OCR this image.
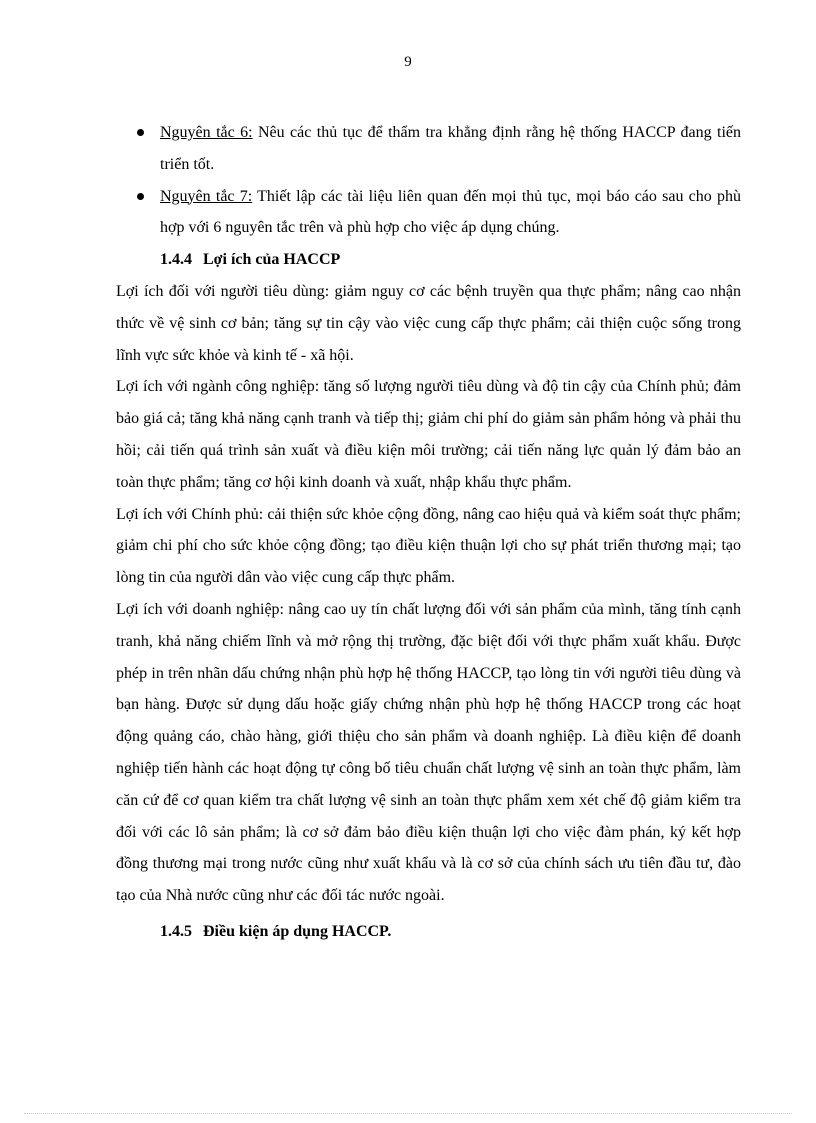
9
Nguyên tắc 6: Nêu các thủ tục để thẩm tra khẳng định rằng hệ thống HACCP đang tiến triển tốt.
Nguyên tắc 7: Thiết lập các tài liệu liên quan đến mọi thủ tục, mọi báo cáo sau cho phù hợp với 6 nguyên tắc trên và phù hợp cho việc áp dụng chúng.
1.4.4 Lợi ích của HACCP

Lợi ích đối với người tiêu dùng: giảm nguy cơ các bệnh truyền qua thực phẩm; nâng cao nhận thức về vệ sinh cơ bản; tăng sự tin cậy vào việc cung cấp thực phẩm; cải thiện cuộc sống trong lĩnh vực sức khỏe và kinh tế - xã hội.

Lợi ích với ngành công nghiệp: tăng số lượng người tiêu dùng và độ tin cậy của Chính phủ; đảm bảo giá cả; tăng khả năng cạnh tranh và tiếp thị; giảm chi phí do giảm sản phẩm hỏng và phải thu hồi; cải tiến quá trình sản xuất và điều kiện môi trường; cải tiến năng lực quản lý đảm bảo an toàn thực phẩm; tăng cơ hội kinh doanh và xuất, nhập khẩu thực phẩm.

Lợi ích với Chính phủ: cải thiện sức khỏe cộng đồng, nâng cao hiệu quả và kiểm soát thực phẩm; giảm chi phí cho sức khỏe cộng đồng; tạo điều kiện thuận lợi cho sự phát triển thương mại; tạo lòng tin của người dân vào việc cung cấp thực phẩm.

Lợi ích với doanh nghiệp: nâng cao uy tín chất lượng đối với sản phẩm của mình, tăng tính cạnh tranh, khả năng chiếm lĩnh và mở rộng thị trường, đặc biệt đối với thực phẩm xuất khẩu. Được phép in trên nhãn dấu chứng nhận phù hợp hệ thống HACCP, tạo lòng tin với người tiêu dùng và bạn hàng. Được sử dụng dấu hoặc giấy chứng nhận phù hợp hệ thống HACCP trong các hoạt động quảng cáo, chào hàng, giới thiệu cho sản phẩm và doanh nghiệp. Là điều kiện để doanh nghiệp tiến hành các hoạt động tự công bố tiêu chuẩn chất lượng vệ sinh an toàn thực phẩm, làm căn cứ để cơ quan kiểm tra chất lượng vệ sinh an toàn thực phẩm xem xét chế độ giảm kiểm tra đối với các lô sản phẩm; là cơ sở đảm bảo điều kiện thuận lợi cho việc đàm phán, ký kết hợp đồng thương mại trong nước cũng như xuất khẩu và là cơ sở của chính sách ưu tiên đầu tư, đào tạo của Nhà nước cũng như các đối tác nước ngoài.

1.4.5 Điều kiện áp dụng HACCP.
